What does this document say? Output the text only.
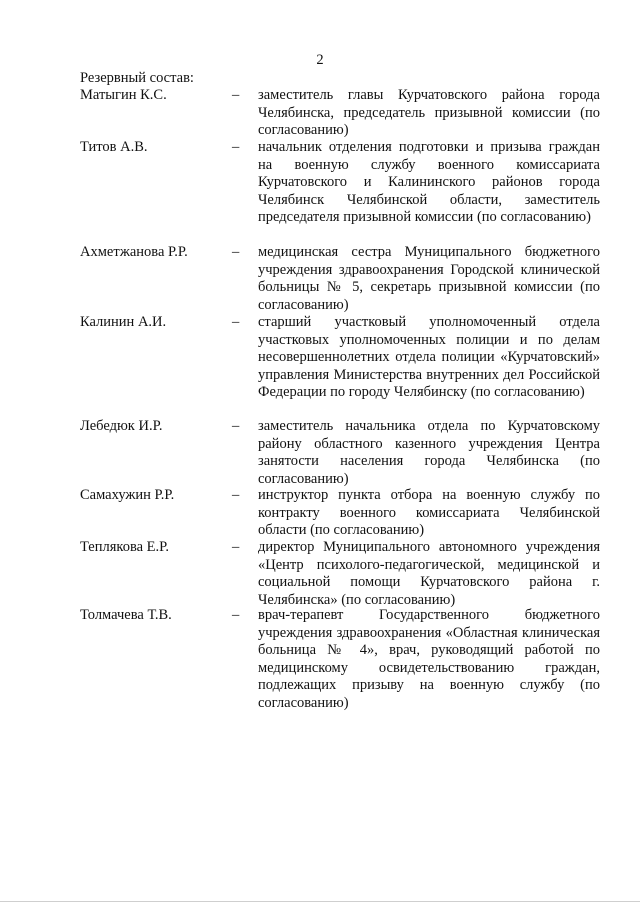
2
Резервный состав:
Матыгин К.С.	– заместитель главы Курчатовского района города Челябинска, председатель призывной комиссии (по согласованию)
Титов А.В.	– начальник отделения подготовки и призыва граждан на военную службу военного комиссариата Курчатовского и Калининского районов города Челябинск Челябинской области, заместитель председателя призывной комиссии (по согласованию)
Ахметжанова Р.Р.	– медицинская сестра Муниципального бюджетного учреждения здравоохранения Городской клинической больницы № 5, секретарь призывной комиссии (по согласованию)
Калинин А.И.	– старший участковый уполномоченный отдела участковых уполномоченных полиции и по делам несовершеннолетних отдела полиции «Курчатовский» управления Министерства внутренних дел Российской Федерации по городу Челябинску (по согласованию)
Лебедюк И.Р.	– заместитель начальника отдела по Курчатовскому району областного казенного учреждения Центра занятости населения города Челябинска (по согласованию)
Самахужин Р.Р.	– инструктор пункта отбора на военную службу по контракту военного комиссариата Челябинской области (по согласованию)
Теплякова Е.Р.	– директор Муниципального автономного учреждения «Центр психолого-педагогической, медицинской и социальной помощи Курчатовского района г. Челябинска» (по согласованию)
Толмачева Т.В.	– врач-терапевт Государственного бюджетного учреждения здравоохранения «Областная клиническая больница № 4», врач, руководящий работой по медицинскому освидетельствованию граждан, подлежащих призыву на военную службу (по согласованию)
